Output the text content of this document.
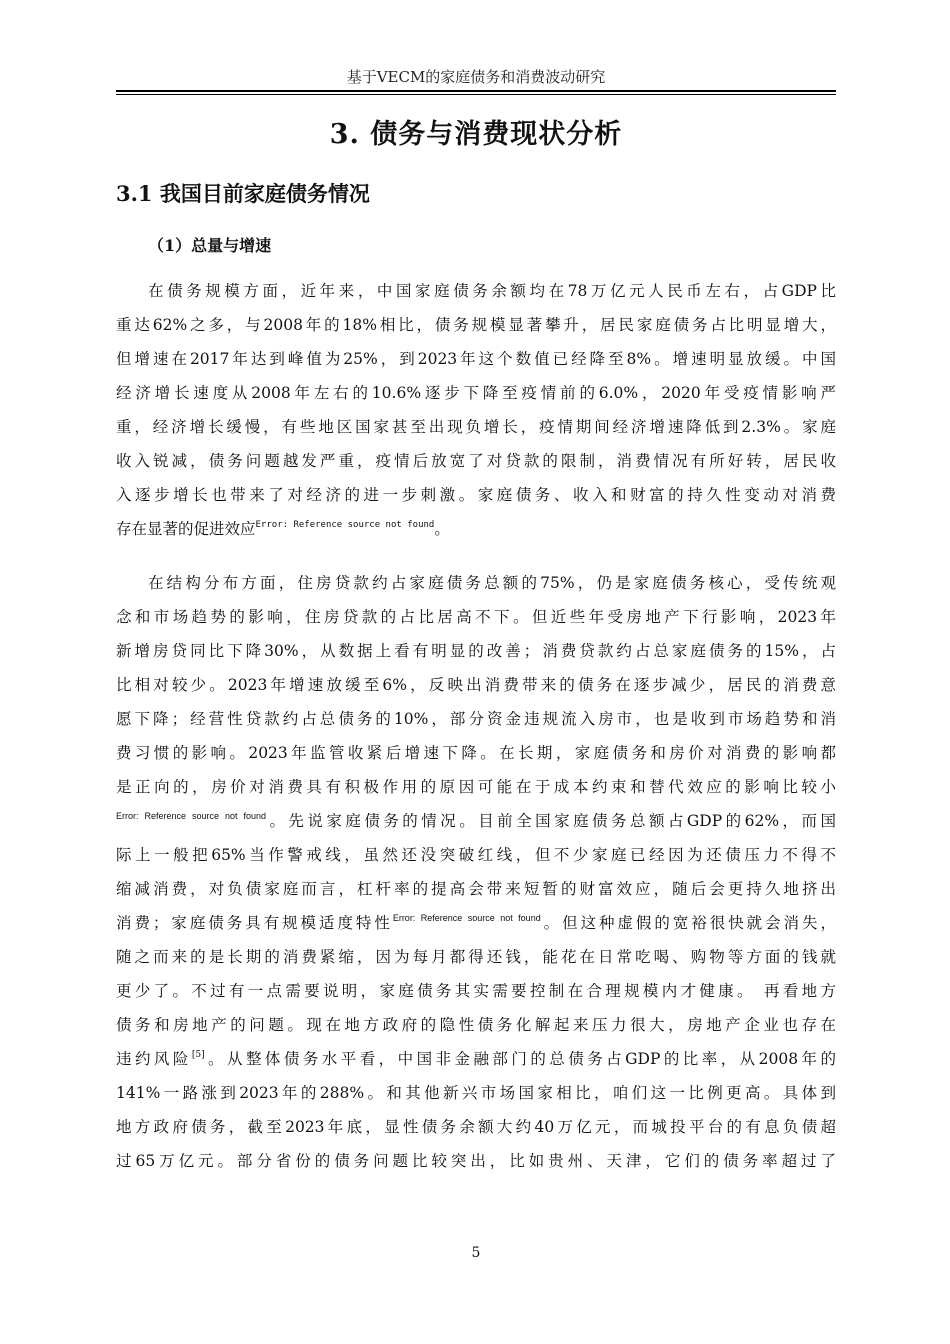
基于VECM的家庭债务和消费波动研究
3. 债务与消费现状分析
3.1 我国目前家庭债务情况
（1）总量与增速
在债务规模方面，近年来，中国家庭债务余额均在78万亿元人民币左右，占GDP比
重达62%之多，与2008年的18%相比，债务规模显著攀升，居民家庭债务占比明显增大，
但增速在2017年达到峰值为25%，到2023年这个数值已经降至8%。增速明显放缓。中国
经济增长速度从2008年左右的10.6%逐步下降至疫情前的6.0%，2020年受疫情影响严
重，经济增长缓慢，有些地区国家甚至出现负增长，疫情期间经济增速降低到2.3%。家庭
收入锐减，债务问题越发严重，疫情后放宽了对贷款的限制，消费情况有所好转，居民收
入逐步增长也带来了对经济的进一步刺激。家庭债务、收入和财富的持久性变动对消费
存在显著的促进效应$^{Error: Reference source not found}$。
在结构分布方面，住房贷款约占家庭债务总额的75%，仍是家庭债务核心，受传统观
念和市场趋势的影响，住房贷款的占比居高不下。但近些年受房地产下行影响，2023年
新增房贷同比下降30%，从数据上看有明显的改善；消费贷款约占总家庭债务的15%，占
比相对较少。2023年增速放缓至6%，反映出消费带来的债务在逐步减少，居民的消费意
愿下降；经营性贷款约占总债务的10%，部分资金违规流入房市，也是收到市场趋势和消
费习惯的影响。2023年监管收紧后增速下降。在长期，家庭债务和房价对消费的影响都
是正向的，房价对消费具有积极作用的原因可能在于成本约束和替代效应的影响比较小
$^{Error: Reference source not found}$。先说家庭债务的情况。目前全国家庭债务总额占GDP的62%，而国
际上一般把65%当作警戒线，虽然还没突破红线，但不少家庭已经因为还债压力不得不
缩减消费，对负债家庭而言，杠杆率的提高会带来短暂的财富效应，随后会更持久地挤出
消费；家庭债务具有规模适度特性$^{Error: Reference source not found}$。但这种虚假的宽裕很快就会消失，
随之而来的是长期的消费紧缩，因为每月都得还钱，能花在日常吃喝、购物等方面的钱就
更少了。不过有一点需要说明，家庭债务其实需要控制在合理规模内才健康。 再看地方
债务和房地产的问题。现在地方政府的隐性债务化解起来压力很大，房地产企业也存在
违约风险[5]。从整体债务水平看，中国非金融部门的总债务占GDP的比率，从2008年的
141%一路涨到2023年的288%。和其他新兴市场国家相比，咱们这一比例更高。具体到
地方政府债务，截至2023年底，显性债务余额大约40万亿元，而城投平台的有息负债超
过65万亿元。部分省份的债务问题比较突出，比如贵州、天津，它们的债务率超过了
5
